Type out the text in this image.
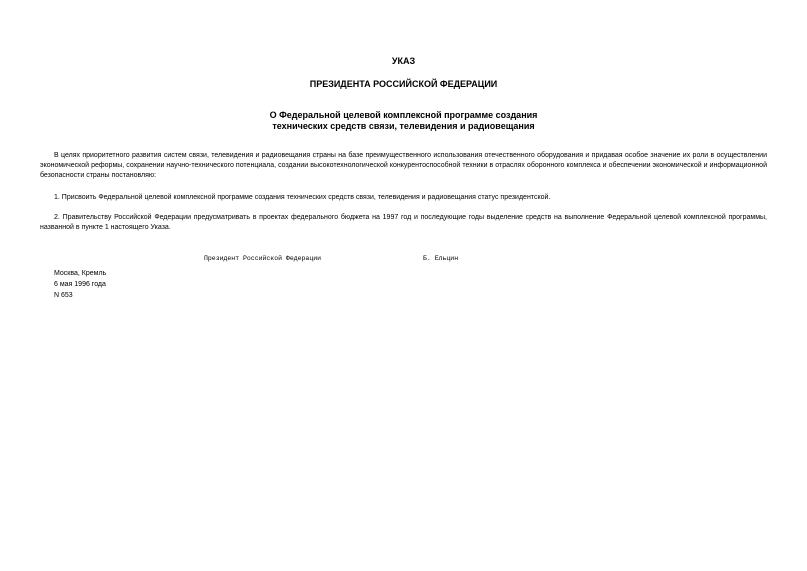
УКАЗ
ПРЕЗИДЕНТА РОССИЙСКОЙ ФЕДЕРАЦИИ
О Федеральной целевой комплексной программе создания
технических средств связи, телевидения и радиовещания
В целях приоритетного развития систем связи, телевидения и радиовещания страны на базе преимущественного использования отечественного оборудования и придавая особое значение их роли в осуществлении экономической реформы, сохранении научно-технического потенциала, создании высокотехнологической конкурентоспособной техники в отраслях оборонного комплекса и обеспечении экономической и информационной безопасности страны постановляю:
1. Присвоить Федеральной целевой комплексной программе создания технических средств связи, телевидения и радиовещания статус президентской.
2. Правительству Российской Федерации предусматривать в проектах федерального бюджета на 1997 год и последующие годы выделение средств на выполнение Федеральной целевой комплексной программы, названной в пункте 1 настоящего Указа.
Президент Российской Федерации	Б. Ельцин
Москва, Кремль
6 мая 1996 года
N 653
